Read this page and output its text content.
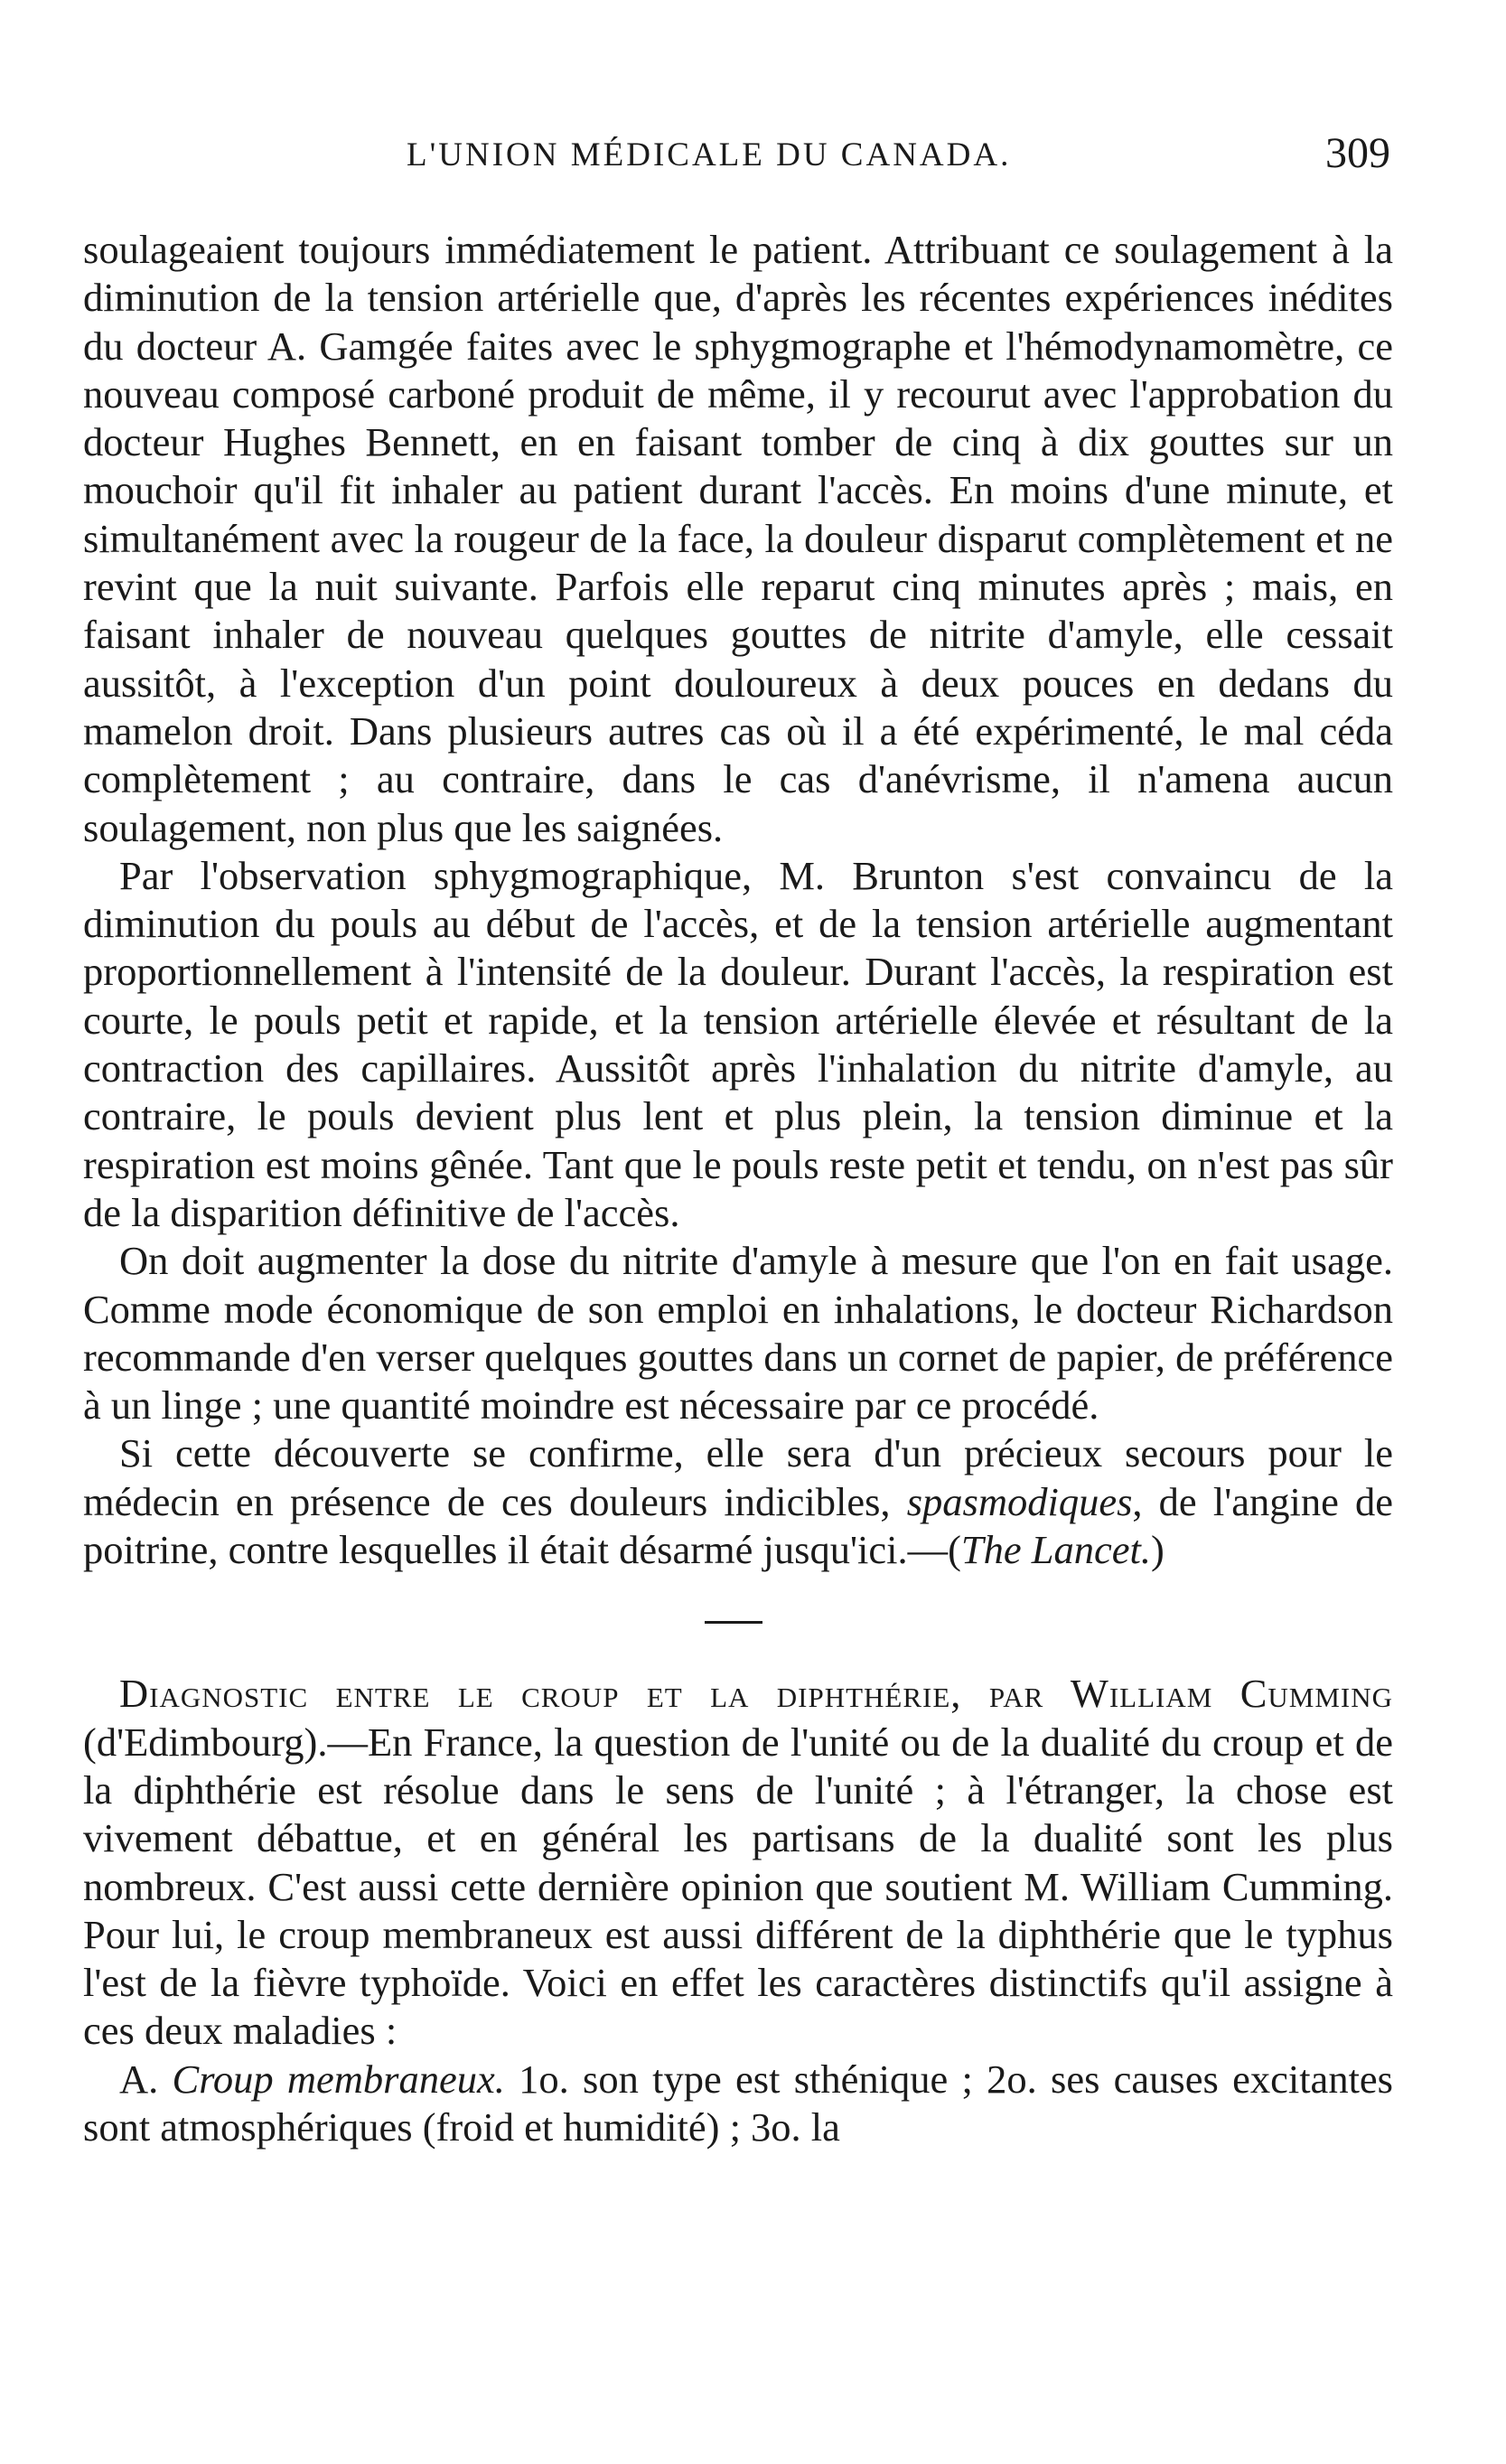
L'UNION MÉDICALE DU CANADA.	309

soulageaient toujours immédiatement le patient. Attribuant ce soulagement à la diminution de la tension artérielle que, d'après les récentes expériences inédites du docteur A. Gamgée faites avec le sphygmographe et l'hémodynamomètre, ce nouveau composé carboné produit de même, il y recourut avec l'approbation du docteur Hughes Bennett, en en faisant tomber de cinq à dix gouttes sur un mouchoir qu'il fit inhaler au patient durant l'accès. En moins d'une minute, et simultanément avec la rougeur de la face, la douleur disparut complètement et ne revint que la nuit suivante. Parfois elle reparut cinq minutes après ; mais, en faisant inhaler de nouveau quelques gouttes de nitrite d'amyle, elle cessait aussitôt, à l'exception d'un point douloureux à deux pouces en dedans du mamelon droit. Dans plusieurs autres cas où il a été expérimenté, le mal céda complètement ; au contraire, dans le cas d'anévrisme, il n'amena aucun soulagement, non plus que les saignées.

Par l'observation sphygmographique, M. Brunton s'est convaincu de la diminution du pouls au début de l'accès, et de la tension artérielle augmentant proportionnellement à l'intensité de la douleur. Durant l'accès, la respiration est courte, le pouls petit et rapide, et la tension artérielle élevée et résultant de la contraction des capillaires. Aussitôt après l'inhalation du nitrite d'amyle, au contraire, le pouls devient plus lent et plus plein, la tension diminue et la respiration est moins gênée. Tant que le pouls reste petit et tendu, on n'est pas sûr de la disparition définitive de l'accès.

On doit augmenter la dose du nitrite d'amyle à mesure que l'on en fait usage. Comme mode économique de son emploi en inhalations, le docteur Richardson recommande d'en verser quelques gouttes dans un cornet de papier, de préférence à un linge ; une quantité moindre est nécessaire par ce procédé.

Si cette découverte se confirme, elle sera d'un précieux secours pour le médecin en présence de ces douleurs indicibles, spasmodiques, de l'angine de poitrine, contre lesquelles il était désarmé jusqu'ici.—(The Lancet.)

Diagnostic entre le croup et la diphthérie, par William Cumming (d'Edimbourg).—En France, la question de l'unité ou de la dualité du croup et de la diphthérie est résolue dans le sens de l'unité ; à l'étranger, la chose est vivement débattue, et en général les partisans de la dualité sont les plus nombreux. C'est aussi cette dernière opinion que soutient M. William Cumming. Pour lui, le croup membraneux est aussi différent de la diphthérie que le typhus l'est de la fièvre typhoïde. Voici en effet les caractères distinctifs qu'il assigne à ces deux maladies :

A. Croup membraneux. 1o. son type est sthénique ; 2o. ses causes excitantes sont atmosphériques (froid et humidité) ; 3o. la
